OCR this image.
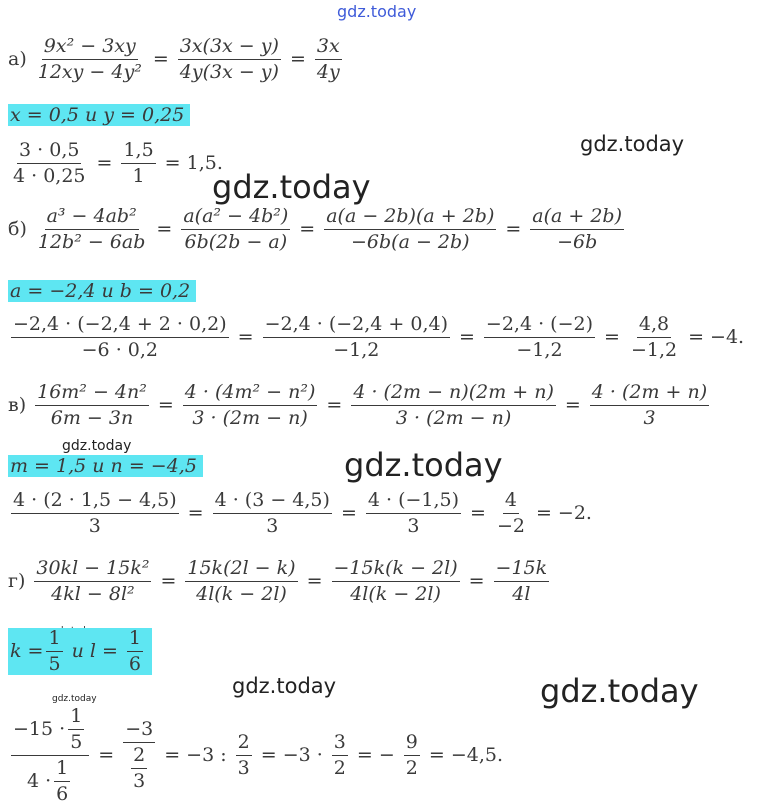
gdz.today
gdz.today
gdz.today
gdz.today	gdz.today
gdz.today	gdz.today
gdz.today
$а) \frac{\text{9x² − 3xy}}{\text{12xy − 4y²}} = \frac{3x(3x - y)}{4y(3x - y)} = \frac{3x}{4y}$
x = 0,5 и y = 0,25
$\frac{3 \cdot 0,5}{4 \cdot 0,25} = \frac{1,5}{1} = 1,5$.
$б) \frac{\text{a³ − 4ab²}}{\text{12b² − 6ab}} = \frac{\text{a(a² − 4b²)}}{6b(2b - a)} = \frac{a(a - 2b)(a + 2b)}{-6b(a - 2b)} = \frac{a(a + 2b)}{-6b}$
a = −2,4 и b = 0,2
$\frac{-2,4 \cdot (-2,4 + 2 \cdot 0,2)}{-6 \cdot 0,2} = \frac{-2,4 \cdot (-2,4 + 0,4)}{-1,2} = \frac{-2,4 \cdot (-2)}{-1,2} = \frac{4,8}{-1,2} = -4$.
$в) \frac{\text{16m² − 4n²}}{6m - 3n} = \frac{\text{4 · (4m² − n²)}}{3 \cdot (2m - n)} = \frac{4 \cdot (2m - n)(2m + n)}{3 \cdot (2m - n)} = \frac{4 \cdot (2m + n)}{3}$
m = 1,5 и n = −4,5
$\frac{4 \cdot (2 \cdot 1,5 - 4,5)}{3} = \frac{4 \cdot (3 - 4,5)}{3} = \frac{4 \cdot (-1,5)}{3} = \frac{4}{-2} = -2$.
$г) \frac{\text{30kl − 15k²}}{\text{4kl − 8l²}} = \frac{15k(2l - k)}{4l(k - 2l)} = \frac{-15k(k - 2l)}{4l(k - 2l)} = \frac{-15k}{4l}$
$k = \frac{1}{5}$ и $l = \frac{1}{6}$
$\frac{-15 \cdot \frac{1}{5}}{4 \cdot \frac{1}{6}} = \frac{-3}{\frac{2}{3}} = -3$ : $\frac{2}{3} = -3 \cdot \frac{3}{2}$ = − $\frac{9}{2} = -4,5$.
